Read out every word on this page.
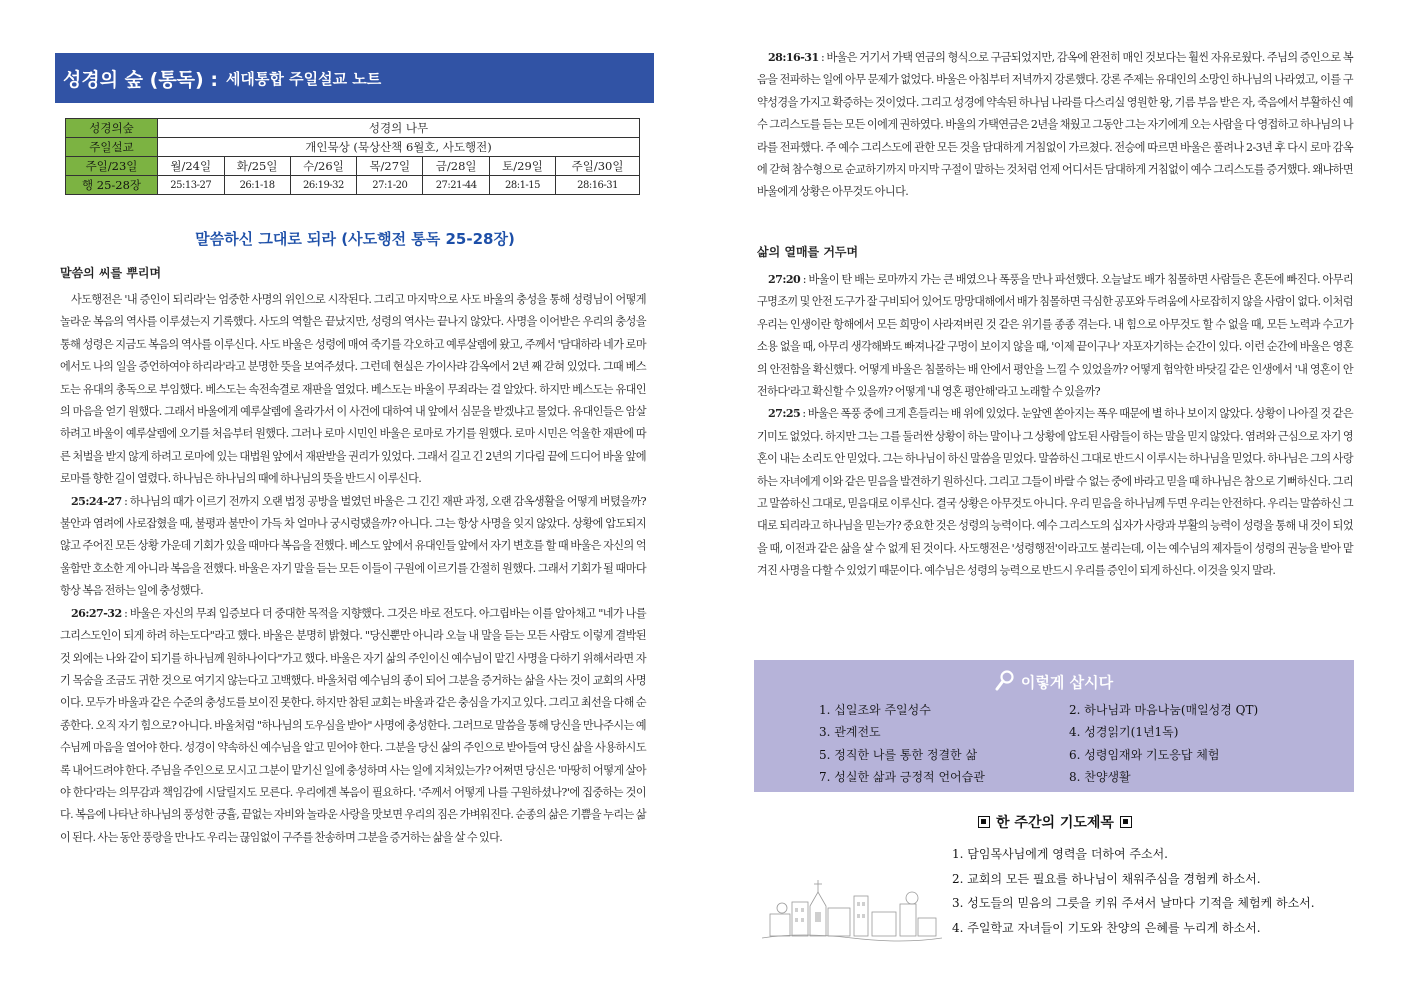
성경의 숲 (통독) : 세대통합 주일설교 노트
성경의숲	성경의 나무						
주일설교	개인묵상 (묵상산책 6월호, 사도행전)						
주일/23일	월/24일	화/25일	수/26일	목/27일	금/28일	토/29일	주일/30일
행 25-28장	25:13-27	26:1-18	26:19-32	27:1-20	27:21-44	28:1-15	28:16-31
말씀하신 그대로 되라 (사도행전 통독 25-28장)
말씀의 씨를 뿌리며

사도행전은 '내 증인이 되리라'는 엄중한 사명의 위인으로 시작된다. 그리고 마지막으로 사도 바울의 충성을 통해 성령님이 어떻게 놀라운 복음의 역사를 이루셨는지 기록했다. 사도의 역할은 끝났지만, 성령의 역사는 끝나지 않았다. 사명을 이어받은 우리의 충성을 통해 성령은 지금도 복음의 역사를 이루신다. 사도 바울은 성령에 매여 죽기를 각오하고 예루살렘에 왔고, 주께서 '담대하라 네가 로마에서도 나의 일을 증언하여야 하리라'라고 분명한 뜻을 보여주셨다. 그런데 현실은 가이사랴 감옥에서 2년 째 갇혀 있었다. 그때 베스도는 유대의 총독으로 부임했다. 베스도는 속전속결로 재판을 열었다. 베스도는 바울이 무죄라는 걸 알았다. 하지만 베스도는 유대인의 마음을 얻기 원했다. 그래서 바울에게 예루살렘에 올라가서 이 사건에 대하여 내 앞에서 심문을 받겠냐고 물었다. 유대인들은 암살하려고 바울이 예루살렘에 오기를 처음부터 원했다. 그러나 로마 시민인 바울은 로마로 가기를 원했다. 로마 시민은 억울한 재판에 따른 처벌을 받지 않게 하려고 로마에 있는 대법원 앞에서 재판받을 권리가 있었다. 그래서 길고 긴 2년의 기다림 끝에 드디어 바울 앞에 로마를 향한 길이 열렸다. 하나님은 하나님의 때에 하나님의 뜻을 반드시 이루신다.

25:24-27 : 하나님의 때가 이르기 전까지 오랜 법정 공방을 벌였던 바울은 그 긴긴 재판 과정, 오랜 감옥생활을 어떻게 버텼을까? 불안과 염려에 사로잡혔을 때, 불평과 불만이 가득 차 얼마나 궁시렁댔을까? 아니다. 그는 항상 사명을 잊지 않았다. 상황에 압도되지 않고 주어진 모든 상황 가운데 기회가 있을 때마다 복음을 전했다. 베스도 앞에서 유대인들 앞에서 자기 변호를 할 때 바울은 자신의 억울함만 호소한 게 아니라 복음을 전했다. 바울은 자기 말을 듣는 모든 이들이 구원에 이르기를 간절히 원했다. 그래서 기회가 될 때마다 항상 복음 전하는 일에 충성했다.

26:27-32 : 바울은 자신의 무죄 입증보다 더 중대한 목적을 지향했다. 그것은 바로 전도다. 아그립바는 이를 알아채고 "네가 나를 그리스도인이 되게 하려 하는도다"라고 했다. 바울은 분명히 밝혔다. "당신뿐만 아니라 오늘 내 말을 듣는 모든 사람도 이렇게 결박된 것 외에는 나와 같이 되기를 하나님께 원하나이다"가고 했다. 바울은 자기 삶의 주인이신 예수님이 맡긴 사명을 다하기 위해서라면 자기 목숨을 조금도 귀한 것으로 여기지 않는다고 고백했다. 바울처럼 예수님의 종이 되어 그분을 증거하는 삶을 사는 것이 교회의 사명이다. 모두가 바울과 같은 수준의 충성도를 보이진 못한다. 하지만 참된 교회는 바울과 같은 충심을 가지고 있다. 그리고 최선을 다해 순종한다. 오직 자기 힘으로? 아니다. 바울처럼 "하나님의 도우심을 받아" 사명에 충성한다. 그러므로 말씀을 통해 당신을 만나주시는 예수님께 마음을 열어야 한다. 성경이 약속하신 예수님을 알고 믿어야 한다. 그분을 당신 삶의 주인으로 받아들여 당신 삶을 사용하시도록 내어드려야 한다. 주님을 주인으로 모시고 그분이 맡기신 일에 충성하며 사는 일에 지쳐있는가? 어쩌면 당신은 '마땅히 어떻게 살아야 한다'라는 의무감과 책임감에 시달릴지도 모른다. 우리에겐 복음이 필요하다. '주께서 어떻게 나를 구원하셨나?'에 집중하는 것이다. 복음에 나타난 하나님의 풍성한 긍휼, 끝없는 자비와 놀라운 사랑을 맛보면 우리의 짐은 가벼워진다. 순종의 삶은 기쁨을 누리는 삶이 된다. 사는 동안 풍랑을 만나도 우리는 끊임없이 구주를 찬송하며 그분을 증거하는 삶을 살 수 있다.

28:16-31 : 바울은 거기서 가택 연금의 형식으로 구금되었지만, 감옥에 완전히 매인 것보다는 훨씬 자유로웠다. 주님의 증인으로 복음을 전파하는 일에 아무 문제가 없었다. 바울은 아침부터 저녁까지 강론했다. 강론 주제는 유대인의 소망인 하나님의 나라였고, 이를 구약성경을 가지고 확증하는 것이었다. 그리고 성경에 약속된 하나님 나라를 다스리실 영원한 왕, 기름 부음 받은 자, 죽음에서 부활하신 예수 그리스도를 듣는 모든 이에게 권하였다. 바울의 가택연금은 2년을 채웠고 그동안 그는 자기에게 오는 사람을 다 영접하고 하나님의 나라를 전파했다. 주 예수 그리스도에 관한 모든 것을 담대하게 거침없이 가르쳤다. 전승에 따르면 바울은 풀려나 2-3년 후 다시 로마 감옥에 갇혀 참수형으로 순교하기까지 마지막 구절이 말하는 것처럼 언제 어디서든 담대하게 거침없이 예수 그리스도를 증거했다. 왜냐하면 바울에게 상황은 아무것도 아니다.

삶의 열매를 거두며

27:20 : 바울이 탄 배는 로마까지 가는 큰 배였으나 폭풍을 만나 파선했다. 오늘날도 배가 침몰하면 사람들은 혼돈에 빠진다. 아무리 구명조끼 및 안전 도구가 잘 구비되어 있어도 망망대해에서 배가 침몰하면 극심한 공포와 두려움에 사로잡히지 않을 사람이 없다. 이처럼 우리는 인생이란 항해에서 모든 희망이 사라져버린 것 같은 위기를 종종 겪는다. 내 힘으로 아무것도 할 수 없을 때, 모든 노력과 수고가 소용 없을 때, 아무리 생각해봐도 빠져나갈 구멍이 보이지 않을 때, '이제 끝이구나' 자포자기하는 순간이 있다. 이런 순간에 바울은 영혼의 안전함을 확신했다. 어떻게 바울은 침몰하는 배 안에서 평안을 느낄 수 있었을까? 어떻게 험악한 바닷길 같은 인생에서 '내 영혼이 안전하다'라고 확신할 수 있을까? 어떻게 '내 영혼 평안해'라고 노래할 수 있을까?

27:25 : 바울은 폭풍 중에 크게 흔들리는 배 위에 있었다. 눈앞엔 쏟아지는 폭우 때문에 별 하나 보이지 않았다. 상황이 나아질 것 같은 기미도 없었다. 하지만 그는 그를 둘러싼 상황이 하는 말이나 그 상황에 압도된 사람들이 하는 말을 믿지 않았다. 염려와 근심으로 자기 영혼이 내는 소리도 안 믿었다. 그는 하나님이 하신 말씀을 믿었다. 말씀하신 그대로 반드시 이루시는 하나님을 믿었다. 하나님은 그의 사랑하는 자녀에게 이와 같은 믿음을 발견하기 원하신다. 그리고 그들이 바랄 수 없는 중에 바라고 믿을 때 하나님은 참으로 기뻐하신다. 그리고 말씀하신 그대로, 믿음대로 이루신다. 결국 상황은 아무것도 아니다. 우리 믿음을 하나님께 두면 우리는 안전하다. 우리는 말씀하신 그대로 되리라고 하나님을 믿는가? 중요한 것은 성령의 능력이다. 예수 그리스도의 십자가 사랑과 부활의 능력이 성령을 통해 내 것이 되었을 때, 이전과 같은 삶을 살 수 없게 된 것이다. 사도행전은 '성령행전'이라고도 불리는데, 이는 예수님의 제자들이 성령의 권능을 받아 맡겨진 사명을 다할 수 있었기 때문이다. 예수님은 성령의 능력으로 반드시 우리를 증인이 되게 하신다. 이것을 잊지 말라.

이렇게 삽시다
1. 십일조와 주일성수	2. 하나님과 마음나눔(매일성경 QT)
3. 관계전도	4. 성경읽기(1년1독)
5. 정직한 나를 통한 정결한 삶	6. 성령임재와 기도응답 체험
7. 성실한 삶과 긍정적 언어습관	8. 찬양생활
한 주간의 기도제목
1. 담임목사님에게 영력을 더하여 주소서.
2. 교회의 모든 필요를 하나님이 채워주심을 경험케 하소서.
3. 성도들의 믿음의 그릇을 키워 주셔서 날마다 기적을 체험케 하소서.
4. 주일학교 자녀들이 기도와 찬양의 은혜를 누리게 하소서.
